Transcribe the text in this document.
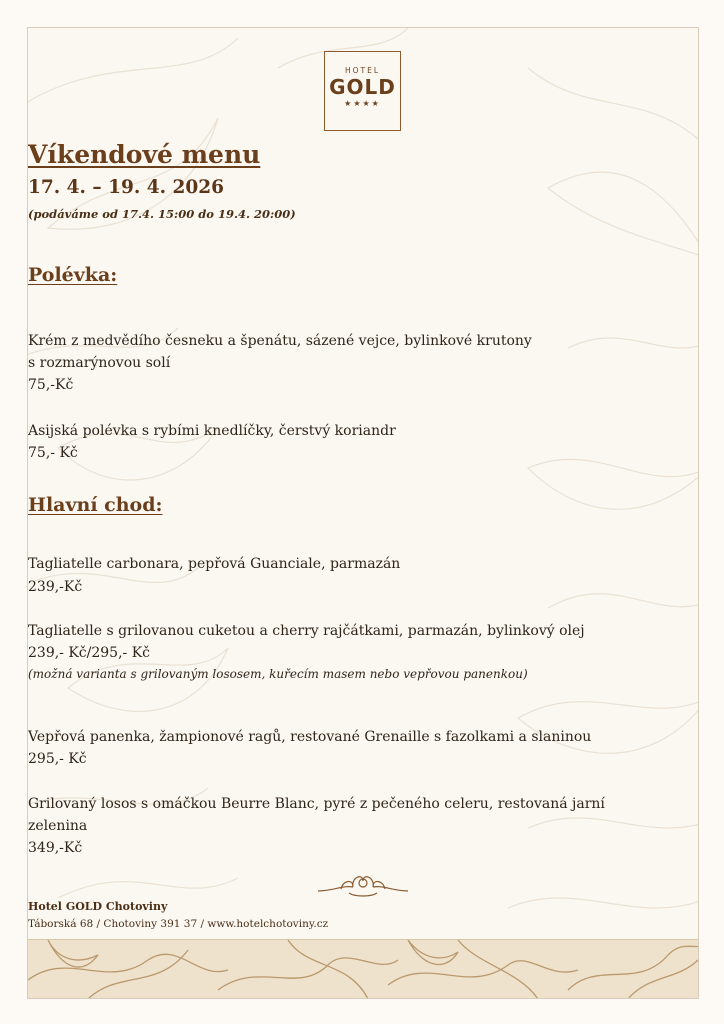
HOTEL
GOLD
★★★★
Víkendové menu
17. 4. – 19. 4. 2026
(podáváme od 17.4. 15:00 do 19.4. 20:00)
Polévka:
Krém z medvědího česneku a špenátu, sázené vejce, bylinkové krutony
s rozmarýnovou solí
75,-Kč
Asijská polévka s rybími knedlíčky, čerstvý koriandr
75,- Kč
Hlavní chod:
Tagliatelle carbonara, pepřová Guanciale, parmazán
239,-Kč
Tagliatelle s grilovanou cuketou a cherry rajčátkami, parmazán, bylinkový olej
239,- Kč/295,- Kč
(možná varianta s grilovaným lososem, kuřecím masem nebo vepřovou panenkou)
Vepřová panenka, žampionové ragů, restované Grenaille s fazolkami a slaninou
295,- Kč
Grilovaný losos s omáčkou Beurre Blanc, pyré z pečeného celeru, restovaná jarní
zelenina
349,-Kč
Hotel GOLD Chotoviny
Táborská 68 / Chotoviny 391 37 / www.hotelchotoviny.cz
